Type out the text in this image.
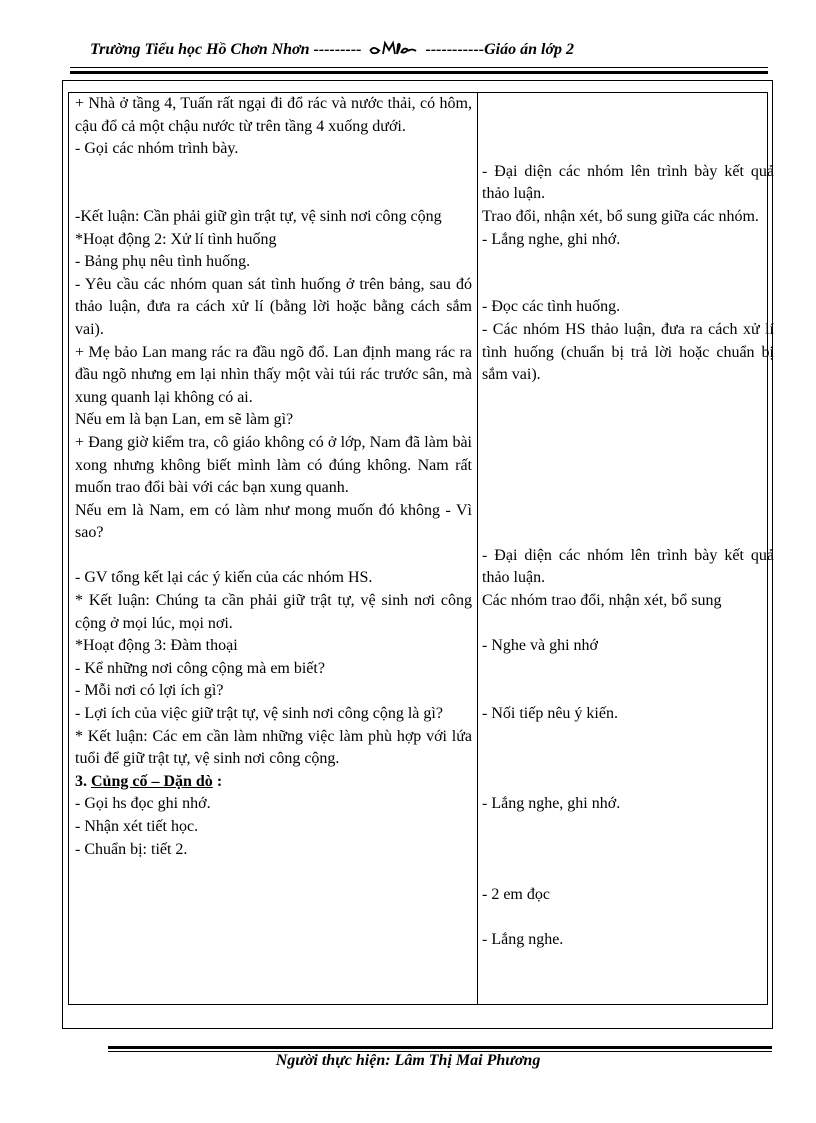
Trường Tiểu học Hồ Chơn Nhơn ---------	-----------Giáo án lớp 2

+ Nhà ở tầng 4, Tuấn rất ngại đi đổ rác và nước thải, có hôm, cậu đổ cả một chậu nước từ trên tầng 4 xuống dưới.

- Gọi các nhóm trình bày.

-Kết luận: Cần phải giữ gìn trật tự, vệ sinh nơi công cộng

*Hoạt động 2: Xử lí tình huống

- Bảng phụ nêu tình huống.

- Yêu cầu các nhóm quan sát tình huống ở trên bảng, sau đó thảo luận, đưa ra cách xử lí (bằng lời hoặc bằng cách sắm vai).

+ Mẹ bảo Lan mang rác ra đầu ngõ đổ. Lan định mang rác ra đầu ngõ nhưng em lại nhìn thấy một vài túi rác trước sân, mà xung quanh lại không có ai.

Nếu em là bạn Lan, em sẽ làm gì?

+ Đang giờ kiểm tra, cô giáo không có ở lớp, Nam đã làm bài xong nhưng không biết mình làm có đúng không. Nam rất muốn trao đổi bài với các bạn xung quanh.

Nếu em là Nam, em có làm như mong muốn đó không - Vì sao?

- GV tổng kết lại các ý kiến của các nhóm HS.

* Kết luận: Chúng ta cần phải giữ trật tự, vệ sinh nơi công cộng ở mọi lúc, mọi nơi.

*Hoạt động 3: Đàm thoại

- Kể những nơi công cộng mà em biết?

- Mỗi nơi có lợi ích gì?

- Lợi ích của việc giữ trật tự, vệ sinh nơi công cộng là gì?

* Kết luận: Các em cần làm những việc làm phù hợp với lứa tuổi để giữ trật tự, vệ sinh nơi công cộng.

3. Củng cố – Dặn dò :

- Gọi hs đọc ghi nhớ.

- Nhận xét tiết học.

- Chuẩn bị: tiết 2.

- Đại diện các nhóm lên trình bày kết quả thảo luận.

Trao đổi, nhận xét, bổ sung giữa các nhóm.

- Lắng nghe, ghi nhớ.

- Đọc các tình huống.

- Các nhóm HS thảo luận, đưa ra cách xử lí tình huống (chuẩn bị trả lời hoặc chuẩn bị sắm vai).

- Đại diện các nhóm lên trình bày kết quả thảo luận.

Các nhóm trao đổi, nhận xét, bổ sung

- Nghe và ghi nhớ

- Nối tiếp nêu ý kiến.

- Lắng nghe, ghi nhớ.

- 2 em đọc

- Lắng nghe.

Người thực hiện: Lâm Thị Mai Phương
